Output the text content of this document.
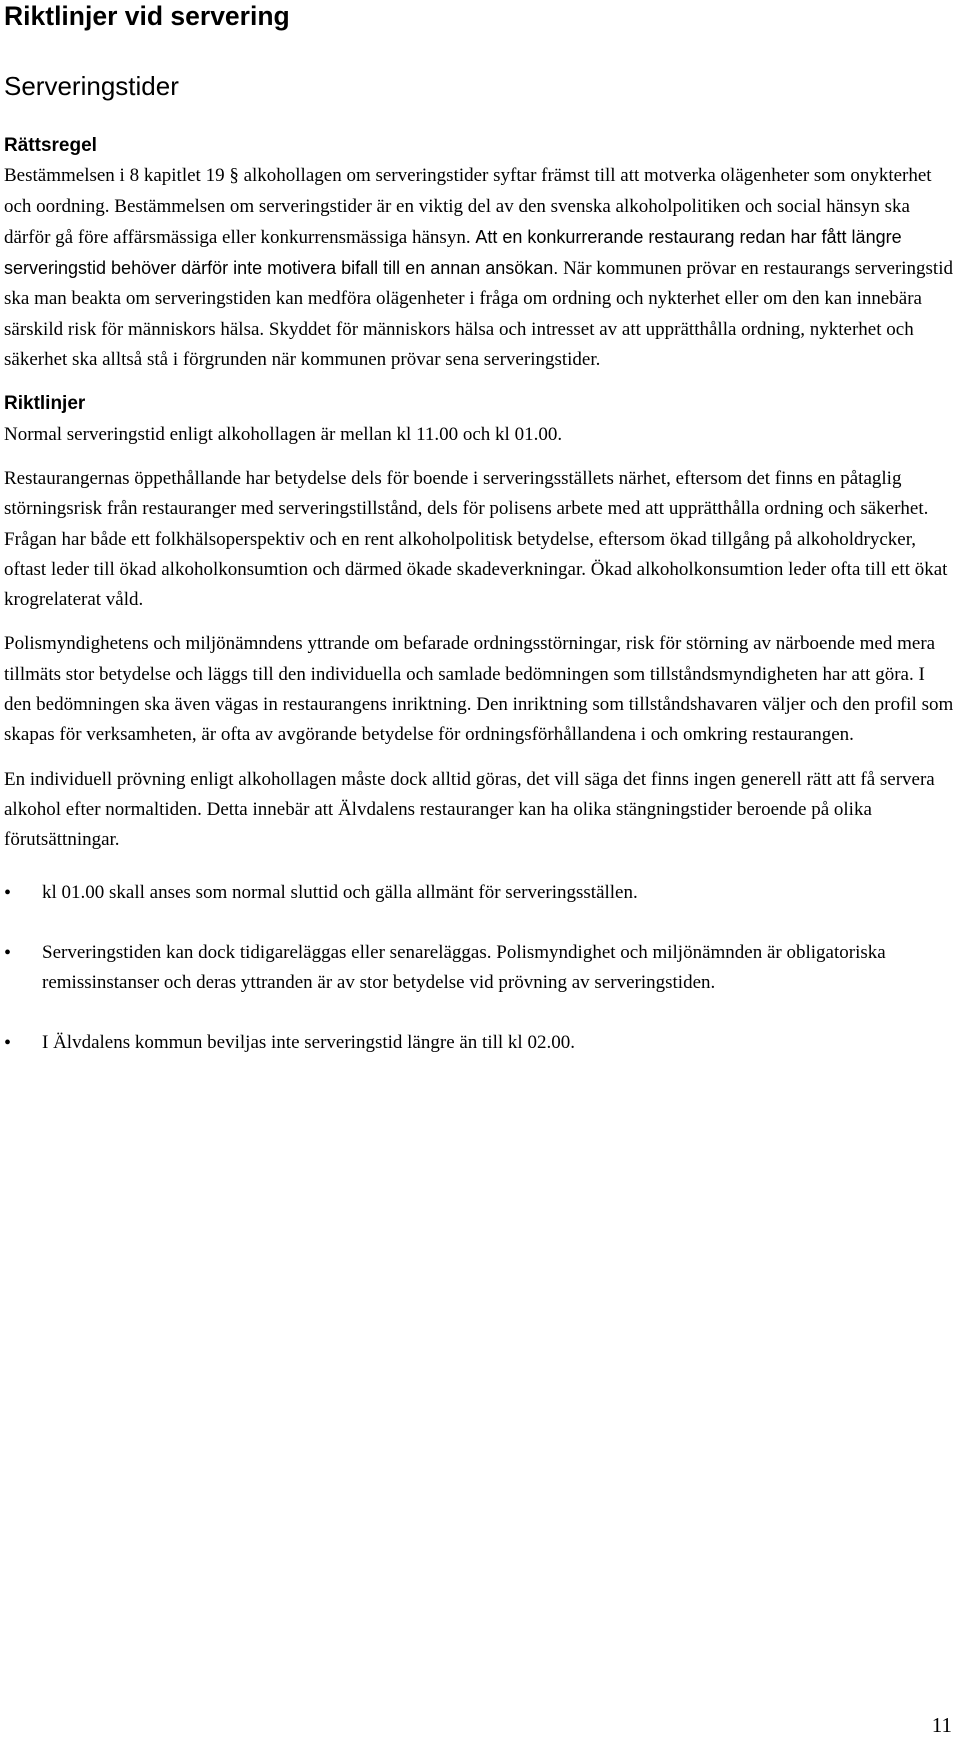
Riktlinjer vid servering
Serveringstider
Rättsregel

Bestämmelsen i 8 kapitlet 19 § alkohollagen om serveringstider syftar främst till att motverka olägenheter som onykterhet och oordning. Bestämmelsen om serveringstider är en viktig del av den svenska alkoholpolitiken och social hänsyn ska därför gå före affärsmässiga eller konkurrensmässiga hänsyn. Att en konkurrerande restaurang redan har fått längre serveringstid behöver därför inte motivera bifall till en annan ansökan. När kommunen prövar en restaurangs serveringstid ska man beakta om serveringstiden kan medföra olägenheter i fråga om ordning och nykterhet eller om den kan innebära särskild risk för människors hälsa. Skyddet för människors hälsa och intresset av att upprätthålla ordning, nykterhet och säkerhet ska alltså stå i förgrunden när kommunen prövar sena serveringstider.

Riktlinjer

Normal serveringstid enligt alkohollagen är mellan kl 11.00 och kl 01.00.

Restaurangernas öppethållande har betydelse dels för boende i serveringsställets närhet, eftersom det finns en påtaglig störningsrisk från restauranger med serveringstillstånd, dels för polisens arbete med att upprätthålla ordning och säkerhet. Frågan har både ett folkhälsoperspektiv och en rent alkoholpolitisk betydelse, eftersom ökad tillgång på alkoholdrycker, oftast leder till ökad alkoholkonsumtion och därmed ökade skadeverkningar. Ökad alkoholkonsumtion leder ofta till ett ökat krogrelaterat våld.

Polismyndighetens och miljönämndens yttrande om befarade ordningsstörningar, risk för störning av närboende med mera tillmäts stor betydelse och läggs till den individuella och samlade bedömningen som tillståndsmyndigheten har att göra. I den bedömningen ska även vägas in restaurangens inriktning. Den inriktning som tillståndshavaren väljer och den profil som skapas för verksamheten, är ofta av avgörande betydelse för ordningsförhållandena i och omkring restaurangen.

En individuell prövning enligt alkohollagen måste dock alltid göras, det vill säga det finns ingen generell rätt att få servera alkohol efter normaltiden. Detta innebär att Älvdalens restauranger kan ha olika stängningstider beroende på olika förutsättningar.

• kl 01.00 skall anses som normal sluttid och gälla allmänt för serveringsställen.
• Serveringstiden kan dock tidigareläggas eller senareläggas. Polismyndighet och miljönämnden är obligatoriska remissinstanser och deras yttranden är av stor betydelse vid prövning av serveringstiden.
• I Älvdalens kommun beviljas inte serveringstid längre än till kl 02.00.
11
